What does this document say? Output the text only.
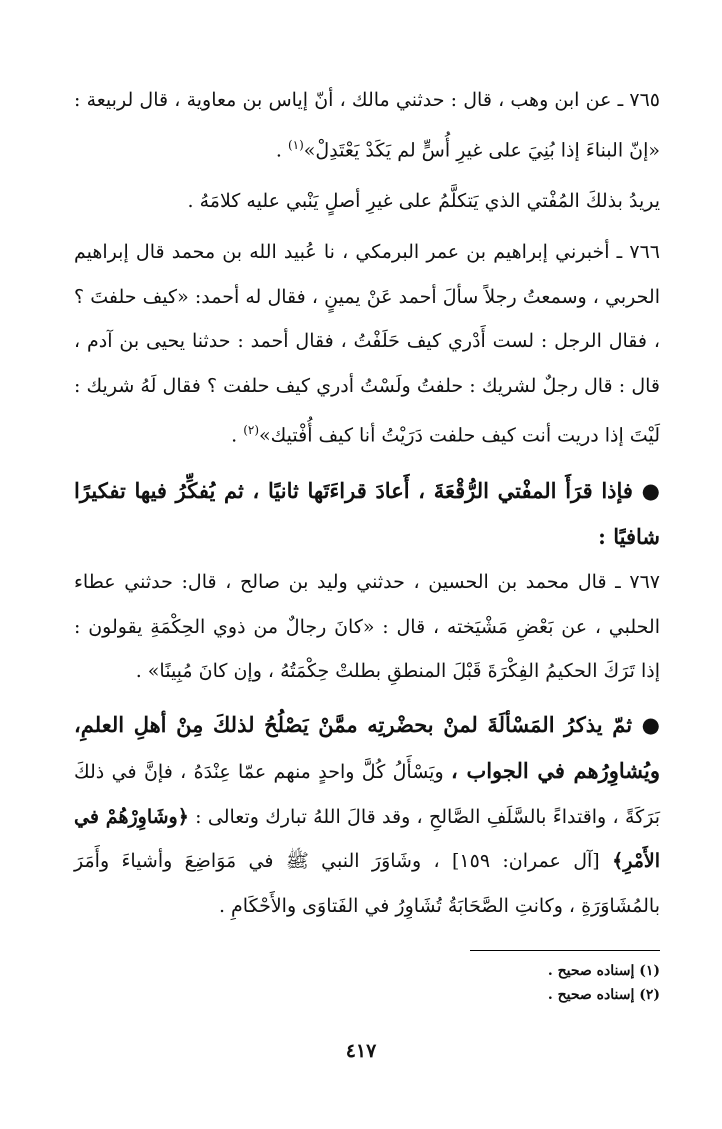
٧٦٥ ـ عن ابن وهب ، قال : حدثني مالك ، أنّ إياس بن معاوية ، قال لربيعة : «إنّ البناءَ إذا بُنِيَ على غيرِ أُسٍّ لم يَكَدْ يَعْتَدِلْ»$^{(١)}$ .

يريدُ بذلكَ المُفْتي الذي يَتكلَّمُ على غيرِ أصلٍ يَنْبي عليه كلامَهُ .

٧٦٦ ـ أخبرني إبراهيم بن عمر البرمكي ، نا عُبيد الله بن محمد قال إبراهيم الحربي ، وسمعتُ رجلاً سألَ أحمد عَنْ يمينٍ ، فقال له أحمد: «كيف حلفتَ ؟ ، فقال الرجل : لست أَدْري كيف حَلَفْتُ ، فقال أحمد : حدثنا يحيى بن آدم ، قال : قال رجلٌ لشريك : حلفتُ ولَسْتُ أدري كيف حلفت ؟ فقال لَهُ شريك : لَيْتَ إذا دريت أنت كيف حلفت دَرَيْتُ أنا كيف أُفْتيك»$^{(٢)}$ .

● فإذا قرَأَ المفْتي الرُّقْعَةَ ، أَعادَ قراءَتَها ثانيًا ، ثم يُفكِّرُ فيها تفكيرًا شافيًا :

٧٦٧ ـ قال محمد بن الحسين ، حدثني وليد بن صالح ، قال: حدثني عطاء الحلبي ، عن بَعْضِ مَشْيَخته ، قال : «كانَ رجالٌ من ذوي الحِكْمَةِ يقولون : إذا تَرَكَ الحكيمُ الفِكْرَةَ قَبْلَ المنطقِ بطلتْ حِكْمَتُهُ ، وإن كانَ مُبِينًا» .

● ثمّ يذكرُ المَسْألَةَ لمنْ بحضْرتِه ممَّنْ يَصْلُحُ لذلكَ مِنْ أهلِ العلمِ، ويُشاوِرُهم في الجواب ، ويَسْأَلُ كُلَّ واحدٍ منهم عمّا عِنْدَهُ ، فإنَّ في ذلكَ بَرَكَةً ، واقتداءً بالسَّلَفِ الصَّالحِ ، وقد قالَ اللهُ تبارك وتعالى : ﴿وشَاوِرْهُمْ في الأَمْرِ﴾ [آل عمران: ١٥٩] ، وشَاوَرَ النبي ﷺ في مَوَاضِعَ وأشياءَ وأَمَرَ بالمُشَاوَرَةِ ، وكانتِ الصَّحَابَةُ تُشَاوِرُ في الفَتاوَى والأَحْكَامِ .

(١) إسناده صحيح .

(٢) إسناده صحيح .

٤١٧
